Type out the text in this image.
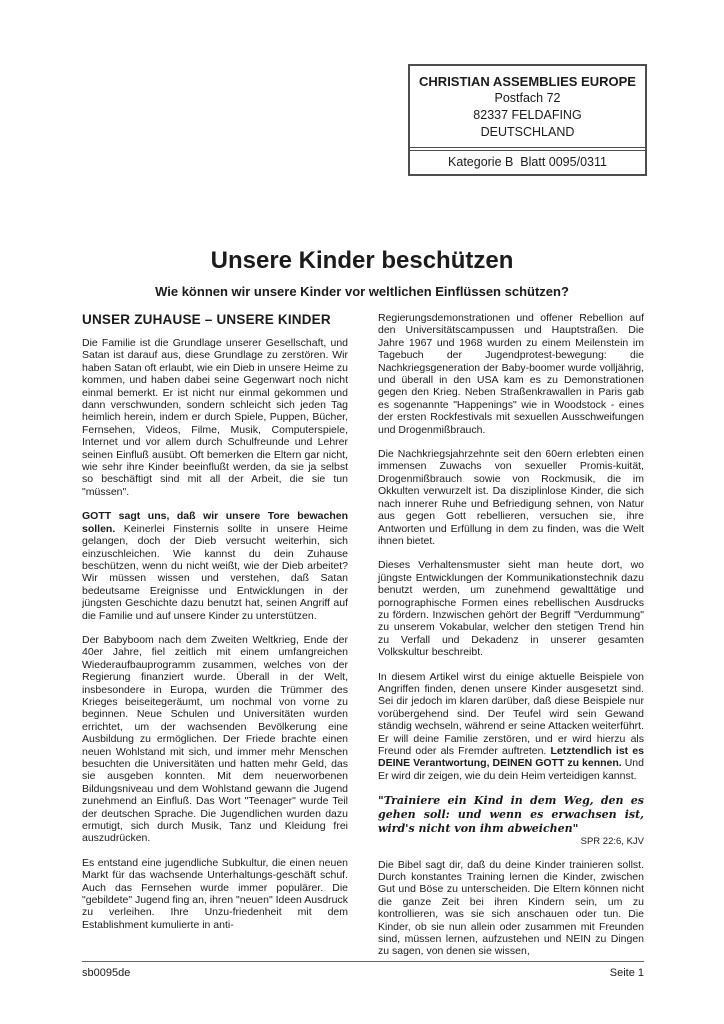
CHRISTIAN ASSEMBLIES EUROPE
Postfach 72
82337 FELDAFING
DEUTSCHLAND
Kategorie B  Blatt 0095/0311
Unsere Kinder beschützen
Wie können wir unsere Kinder vor weltlichen Einflüssen schützen?
UNSER ZUHAUSE – UNSERE KINDER

Die Familie ist die Grundlage unserer Gesellschaft, und Satan ist darauf aus, diese Grundlage zu zerstören. Wir haben Satan oft erlaubt, wie ein Dieb in unsere Heime zu kommen, und haben dabei seine Gegenwart noch nicht einmal bemerkt. Er ist nicht nur einmal gekommen und dann verschwunden, sondern schleicht sich jeden Tag heimlich herein, indem er durch Spiele, Puppen, Bücher, Fernsehen, Videos, Filme, Musik, Computerspiele, Internet und vor allem durch Schulfreunde und Lehrer seinen Einfluß ausübt. Oft bemerken die Eltern gar nicht, wie sehr ihre Kinder beeinflußt werden, da sie ja selbst so beschäftigt sind mit all der Arbeit, die sie tun "müssen".

GOTT sagt uns, daß wir unsere Tore bewachen sollen. Keinerlei Finsternis sollte in unsere Heime gelangen, doch der Dieb versucht weiterhin, sich einzuschleichen. Wie kannst du dein Zuhause beschützen, wenn du nicht weißt, wie der Dieb arbeitet? Wir müssen wissen und verstehen, daß Satan bedeutsame Ereignisse und Entwicklungen in der jüngsten Geschichte dazu benutzt hat, seinen Angriff auf die Familie und auf unsere Kinder zu unterstützen.

Der Babyboom nach dem Zweiten Weltkrieg, Ende der 40er Jahre, fiel zeitlich mit einem umfangreichen Wiederaufbauprogramm zusammen, welches von der Regierung finanziert wurde. Überall in der Welt, insbesondere in Europa, wurden die Trümmer des Krieges beiseitegeräumt, um nochmal von vorne zu beginnen. Neue Schulen und Universitäten wurden errichtet, um der wachsenden Bevölkerung eine Ausbildung zu ermöglichen. Der Friede brachte einen neuen Wohlstand mit sich, und immer mehr Menschen besuchten die Universitäten und hatten mehr Geld, das sie ausgeben konnten. Mit dem neuerworbenen Bildungsniveau und dem Wohlstand gewann die Jugend zunehmend an Einfluß. Das Wort "Teenager" wurde Teil der deutschen Sprache. Die Jugendlichen wurden dazu ermutigt, sich durch Musik, Tanz und Kleidung frei auszudrücken.

Es entstand eine jugendliche Subkultur, die einen neuen Markt für das wachsende Unterhaltungs-geschäft schuf. Auch das Fernsehen wurde immer populärer. Die "gebildete" Jugend fing an, ihren "neuen" Ideen Ausdruck zu verleihen. Ihre Unzu-friedenheit mit dem Establishment kumulierte in anti-

Regierungsdemonstrationen und offener Rebellion auf den Universitätscampussen und Hauptstraßen. Die Jahre 1967 und 1968 wurden zu einem Meilenstein im Tagebuch der Jugendprotest-bewegung: die Nachkriegsgeneration der Baby-boomer wurde volljährig, und überall in den USA kam es zu Demonstrationen gegen den Krieg. Neben Straßenkrawallen in Paris gab es sogenannte "Happenings" wie in Woodstock - eines der ersten Rockfestivals mit sexuellen Ausschweifungen und Drogenmißbrauch.

Die Nachkriegsjahrzehnte seit den 60ern erlebten einen immensen Zuwachs von sexueller Promis-kuität, Drogenmißbrauch sowie von Rockmusik, die im Okkulten verwurzelt ist. Da disziplinlose Kinder, die sich nach innerer Ruhe und Befriedigung sehnen, von Natur aus gegen Gott rebellieren, versuchen sie, ihre Antworten und Erfüllung in dem zu finden, was die Welt ihnen bietet.

Dieses Verhaltensmuster sieht man heute dort, wo jüngste Entwicklungen der Kommunikationstechnik dazu benutzt werden, um zunehmend gewalttätige und pornographische Formen eines rebellischen Ausdrucks zu fördern. Inzwischen gehört der Begriff "Verdummung" zu unserem Vokabular, welcher den stetigen Trend hin zu Verfall und Dekadenz in unserer gesamten Volkskultur beschreibt.

In diesem Artikel wirst du einige aktuelle Beispiele von Angriffen finden, denen unsere Kinder ausgesetzt sind. Sei dir jedoch im klaren darüber, daß diese Beispiele nur vorübergehend sind. Der Teufel wird sein Gewand ständig wechseln, während er seine Attacken weiterführt. Er will deine Familie zerstören, und er wird hierzu als Freund oder als Fremder auftreten. Letztendlich ist es DEINE Verantwortung, DEINEN GOTT zu kennen. Und Er wird dir zeigen, wie du dein Heim verteidigen kannst.

"Trainiere ein Kind in dem Weg, den es gehen soll: und wenn es erwachsen ist, wird's nicht von ihm abweichen"

SPR 22:6, KJV

Die Bibel sagt dir, daß du deine Kinder trainieren sollst. Durch konstantes Training lernen die Kinder, zwischen Gut und Böse zu unterscheiden. Die Eltern können nicht die ganze Zeit bei ihren Kindern sein, um zu kontrollieren, was sie sich anschauen oder tun. Die Kinder, ob sie nun allein oder zusammen mit Freunden sind, müssen lernen, aufzustehen und NEIN zu Dingen zu sagen, von denen sie wissen,

sb0095de	Seite 1
